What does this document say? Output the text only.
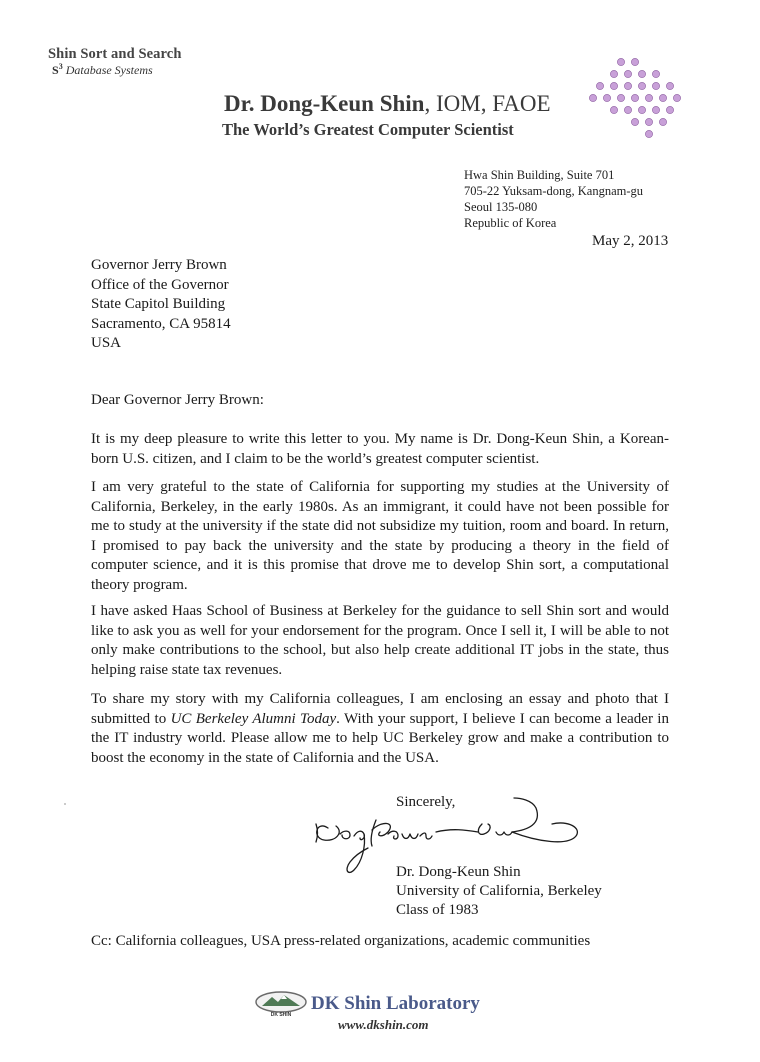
Shin Sort and Search
$S^3$ Database Systems
Dr. Dong-Keun Shin, IOM, FAOE
The World’s Greatest Computer Scientist
Hwa Shin Building, Suite 701
705-22 Yuksam-dong, Kangnam-gu
Seoul 135-080
Republic of Korea
May 2, 2013
Governor Jerry Brown
Office of the Governor
State Capitol Building
Sacramento, CA 95814
USA
Dear Governor Jerry Brown:
It is my deep pleasure to write this letter to you. My name is Dr. Dong-Keun Shin, a Korean-born U.S. citizen, and I claim to be the world’s greatest computer scientist.
I am very grateful to the state of California for supporting my studies at the University of California, Berkeley, in the early 1980s. As an immigrant, it could have not been possible for me to study at the university if the state did not subsidize my tuition, room and board. In return, I promised to pay back the university and the state by producing a theory in the field of computer science, and it is this promise that drove me to develop Shin sort, a computational theory program.
I have asked Haas School of Business at Berkeley for the guidance to sell Shin sort and would like to ask you as well for your endorsement for the program. Once I sell it, I will be able to not only make contributions to the school, but also help create additional IT jobs in the state, thus helping raise state tax revenues.
To share my story with my California colleagues, I am enclosing an essay and photo that I submitted to UC Berkeley Alumni Today. With your support, I believe I can become a leader in the IT industry world. Please allow me to help UC Berkeley grow and make a contribution to boost the economy in the state of California and the USA.
Sincerely,
Dr. Dong-Keun Shin
University of California, Berkeley
Class of 1983
Cc: California colleagues, USA press-related organizations, academic communities
DK SHIN
DK Shin Laboratory
www.dkshin.com
